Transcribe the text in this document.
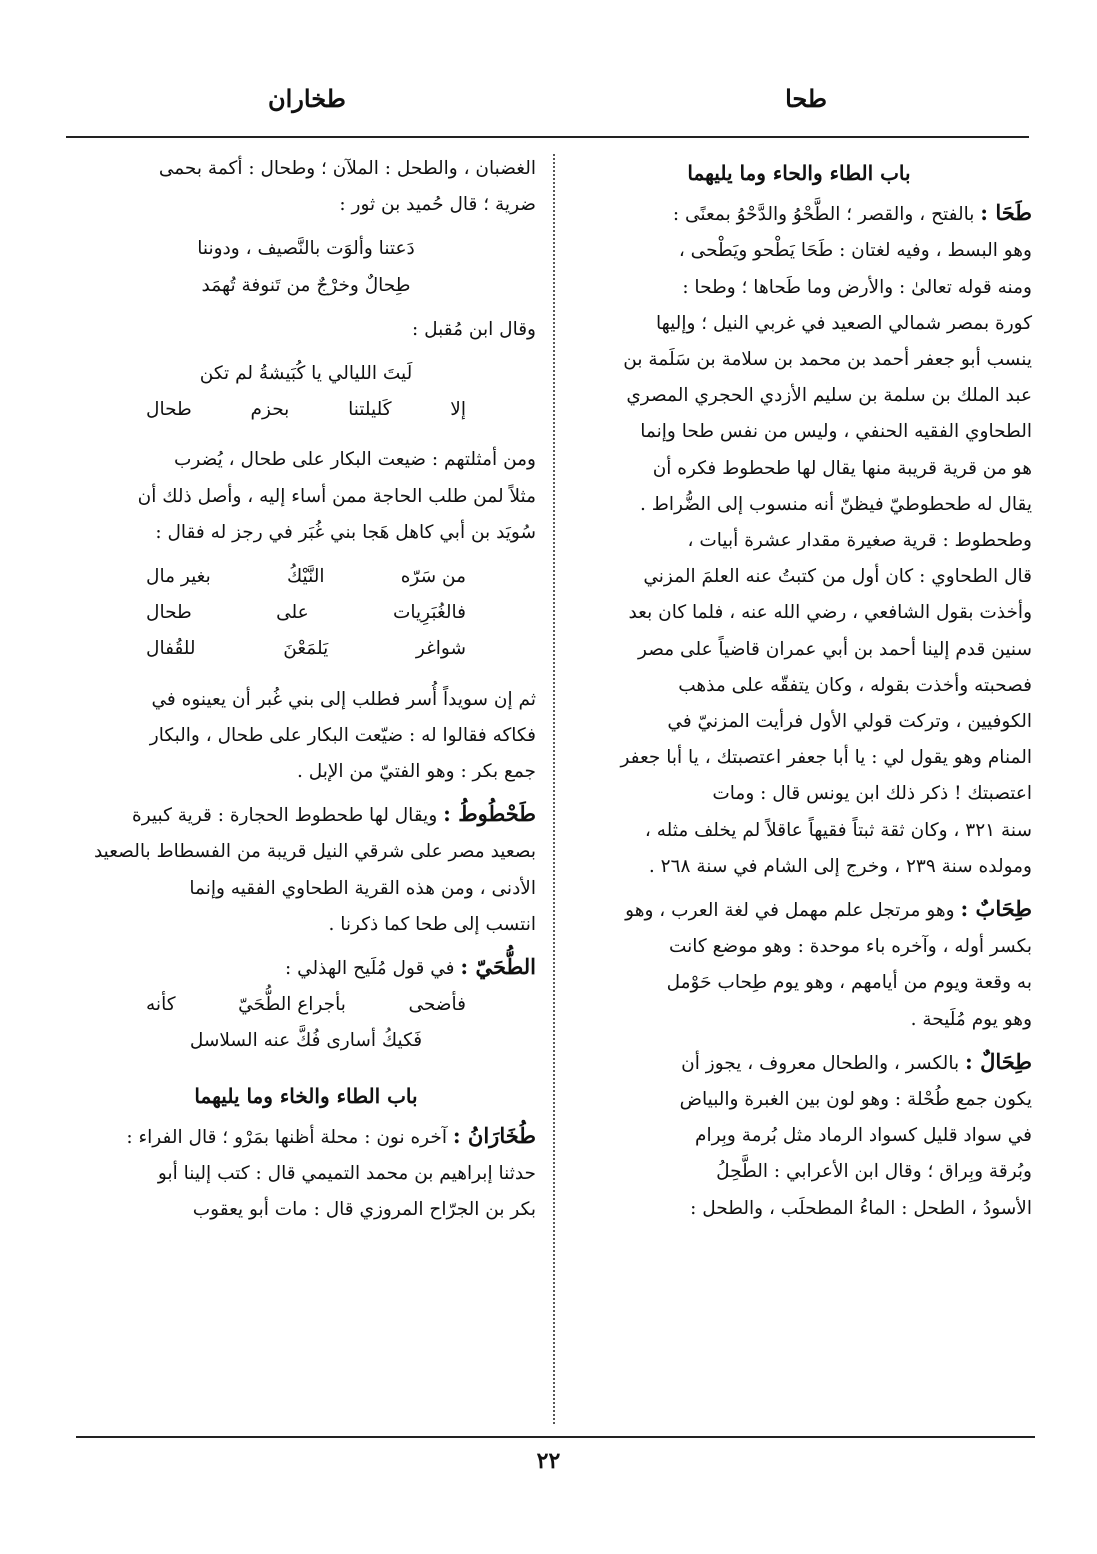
طحا
طخاران

باب الطاء والحاء وما يليهما

طَحَا : بالفتح ، والقصر ؛ الطَّحْوُ والدَّحْوُ بمعنًى :

وهو البسط ، وفيه لغتان : طَحَا يَطْحو ويَطْحى ،

ومنه قوله تعالىٰ : والأرض وما طَحاها ؛ وطحا :

كورة بمصر شمالي الصعيد في غربي النيل ؛ وإليها

ينسب أبو جعفر أحمد بن محمد بن سلامة بن سَلَمة بن

عبد الملك بن سلمة بن سليم الأزدي الحجري المصري

الطحاوي الفقيه الحنفي ، وليس من نفس طحا وإنما

هو من قرية قريبة منها يقال لها طحطوط فكره أن

يقال له طحطوطيّ فيظنّ أنه منسوب إلى الضُّراط .

وطحطوط : قرية صغيرة مقدار عشرة أبيات ،

قال الطحاوي : كان أول من كتبتُ عنه العلمَ المزني

وأخذت بقول الشافعي ، رضي الله عنه ، فلما كان بعد

سنين قدم إلينا أحمد بن أبي عمران قاضياً على مصر

فصحبته وأخذت بقوله ، وكان يتفقّه على مذهب

الكوفيين ، وتركت قولي الأول فرأيت المزنيّ في

المنام وهو يقول لي : يا أبا جعفر اعتصبتك ، يا أبا جعفر

اعتصبتك ! ذكر ذلك ابن يونس قال : ومات

سنة ٣٢١ ، وكان ثقة ثبتاً فقيهاً عاقلاً لم يخلف مثله ،

ومولده سنة ٢٣٩ ، وخرج إلى الشام في سنة ٢٦٨ .

طِحَابٌ : وهو مرتجل علم مهمل في لغة العرب ، وهو

بكسر أوله ، وآخره باء موحدة : وهو موضع كانت

به وقعة ويوم من أيامهم ، وهو يوم طِحاب حَوْمل

وهو يوم مُلَيحة .

طِحَالٌ : بالكسر ، والطحال معروف ، يجوز أن

يكون جمع طُحْلة : وهو لون بين الغبرة والبياض

في سواد قليل كسواد الرماد مثل بُرمة وبِرام

وبُرقة وبِراق ؛ وقال ابن الأعرابي : الطَّحِلُ

الأسودُ ، الطحل : الماءُ المطحلَب ، والطحل :

الغضبان ، والطحل : الملآن ؛ وطحال : أكمة بحمى

ضرية ؛ قال حُميد بن ثور :

دَعتنا وألوَت بالنَّصيف ، ودوننا

طِحالٌ وخرْجٌ من تَنوفة تُهمَد

وقال ابن مُقبل :

لَيتَ الليالي يا كُبَيشةُ لم تكن

إلا
كَليلتنا
بحزم
طحال

ومن أمثلتهم : ضيعت البكار على طحال ، يُضرب

مثلاً لمن طلب الحاجة ممن أساء إليه ، وأصل ذلك أن

سُويَد بن أبي كاهل هَجا بني غُبَر في رجز له فقال :

من سَرّه
النَّيْكُ
بغير مال

فالغُبَرِيات
على
طحال

شواغر
يَلمَعْنَ
للقُفال

ثم إن سويداً أُسر فطلب إلى بني غُبر أن يعينوه في

فكاكه فقالوا له : ضيّعت البكار على طحال ، والبكار

جمع بكر : وهو الفتيّ من الإبل .

طَحْطُوطُ : ويقال لها طحطوط الحجارة : قرية كبيرة

بصعيد مصر على شرقي النيل قريبة من الفسطاط بالصعيد

الأدنى ، ومن هذه القرية الطحاوي الفقيه وإنما

انتسب إلى طحا كما ذكرنا .

الطُّحَيّ : في قول مُلَيح الهذلي :

فأضحى
بأجراع الطُّحَيّ
كأنه

فَكيكُ أسارى فُكَّ عنه السلاسل

باب الطاء والخاء وما يليهما

طُخَارَانُ : آخره نون : محلة أظنها بمَرْو ؛ قال الفراء :

حدثنا إبراهيم بن محمد التميمي قال : كتب إلينا أبو

بكر بن الجرّاح المروزي قال : مات أبو يعقوب

٢٢
